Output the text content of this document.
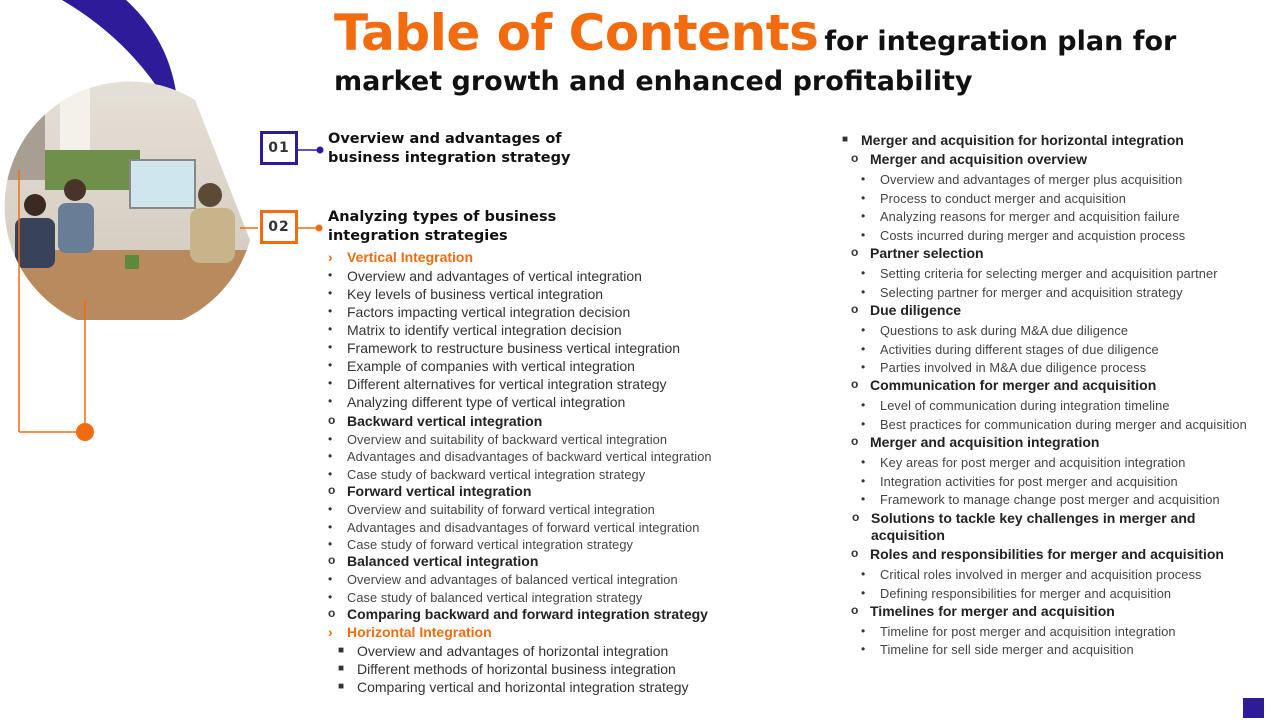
Table of Contents for integration plan for
market growth and enhanced profitability
01
Overview and advantages of
business integration strategy
02
Analyzing types of business
integration strategies
› Vertical Integration
• Overview and advantages of vertical integration
• Key levels of business vertical integration
• Factors impacting vertical integration decision
• Matrix to identify vertical integration decision
• Framework to restructure business vertical integration
• Example of companies with vertical integration
• Different alternatives for vertical integration strategy
• Analyzing different type of vertical integration
o Backward vertical integration
• Overview and suitability of backward vertical integration
• Advantages and disadvantages of backward vertical integration
• Case study of backward vertical integration strategy
o Forward vertical integration
• Overview and suitability of forward vertical integration
• Advantages and disadvantages of forward vertical integration
• Case study of forward vertical integration strategy
o Balanced vertical integration
• Overview and advantages of balanced vertical integration
• Case study of balanced vertical integration strategy
o Comparing backward and forward integration strategy
› Horizontal Integration
■ Overview and advantages of horizontal integration
■ Different methods of horizontal business integration
■ Comparing vertical and horizontal integration strategy
■ Merger and acquisition for horizontal integration
o Merger and acquisition overview
• Overview and advantages of merger plus acquisition
• Process to conduct merger and acquisition
• Analyzing reasons for merger and acquisition failure
• Costs incurred during merger and acquistion process
o Partner selection
• Setting criteria for selecting merger and acquisition partner
• Selecting partner for merger and acquisition strategy
o Due diligence
• Questions to ask during M&A due diligence
• Activities during different stages of due diligence
• Parties involved in M&A due diligence process
o Communication for merger and acquisition
• Level of communication during integration timeline
• Best practices for communication during merger and acquisition
o Merger and acquisition integration
• Key areas for post merger and acquisition integration
• Integration activities for post merger and acquisition
• Framework to manage change post merger and acquisition
o Solutions to tackle key challenges in merger and
acquisition
o Roles and responsibilities for merger and acquisition
• Critical roles involved in merger and acquisition process
• Defining responsibilities for merger and acquisition
o Timelines for merger and acquisition
• Timeline for post merger and acquisition integration
• Timeline for sell side merger and acquisition
